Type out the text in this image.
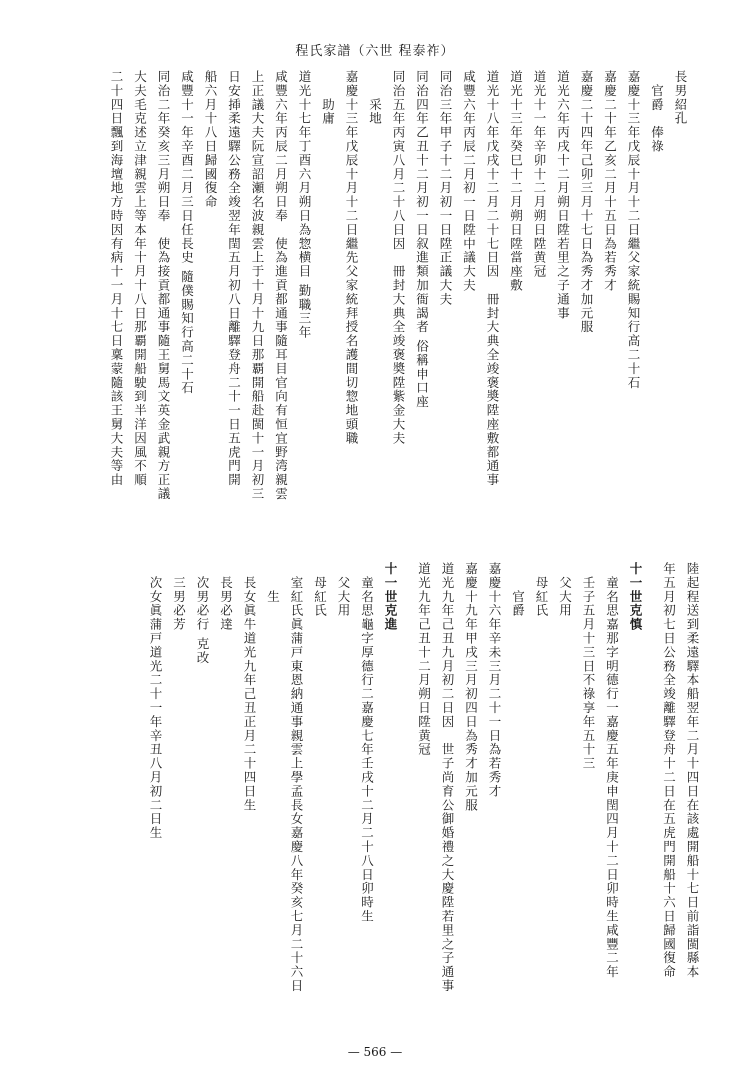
程氏家譜（六世 程泰祚）
長男紹孔
　官爵　俸祿
嘉慶十三年戊辰十月十二日繼父家統賜知行高二十石
嘉慶二十年乙亥二月十五日為若秀才
嘉慶二十四年己卯三月十七日為秀才加元服
道光六年丙戌十二月朔日陞若里之子通事
道光十一年辛卯十二月朔日陞黄冠
道光十三年癸巳十二月朔日陞當座敷
道光十八年戊戌十二月二十七日因　冊封大典全竣褒奬陞座敷都通事
咸豐六年丙辰二月初一日陞中議大夫
同治三年甲子十二月初一日陞正議大夫
同治四年乙丑十二月初一日叙進類加衙謁者 俗稱申口座
同治五年丙寅八月二十八日因　冊封大典全竣褒奬陞紫金大夫
　　采地
嘉慶十三年戊辰十月十二日繼先父家統拜授名護間切惣地頭職
　　助庸
道光十七年丁酉六月朔日為惣横目 勤職三年
咸豐六年丙辰二月朔日奉　使為進貢都通事隨耳目官向有恒宜野湾親雲
上正議大夫阮宣詔瀬名波親雲上于十月十九日那覇開船赴閩十一月初三
日安揷柔遠驛公務全竣翌年閏五月初八日離驛登舟二十一日五虎門開
船六月十八日歸國復命
咸豐十一年辛酉二月三日任長史 隨僕賜知行高二十石
同治二年癸亥三月朔日奉　使為接貢都通事隨王舅馬文英金武親方正議
大夫毛克述立津親雲上等本年十月十八日那覇開船駛到半洋因風不順
二十四日飄到海壇地方時因有病十一月十七日稟蒙隨該王舅大夫等由
陸起程送到柔遠驛本船翌年二月十四日在該處開船十七日前詣閩縣本
年五月初七日公務全竣離驛登舟十二日在五虎門開船十六日歸國復命
十一世克慎
　童名思嘉那字明德行一嘉慶五年庚申閏四月十二日卯時生咸豐二年
　壬子五月十三日不祿享年五十三
　父大用
　母紅氏
　　官爵
嘉慶十六年辛未三月二十一日為若秀才
嘉慶十九年甲戌三月初四日為秀才加元服
道光九年己丑九月初二日因　世子尚育公御婚禮之大慶陞若里之子通事
道光九年己丑十二月朔日陞黄冠
十一世克進
　童名思龜字厚德行二嘉慶七年壬戌十二月二十八日卯時生
　父大用
　母紅氏
　室紅氏眞蒲戸東恩納通事親雲上學孟長女嘉慶八年癸亥七月二十六日
　　生
　長女眞牛道光九年己丑正月二十四日生
　長男必達
　次男必行 克改
　三男必芳
　次女眞蒲戸道光二十一年辛丑八月初二日生
— 566 —
